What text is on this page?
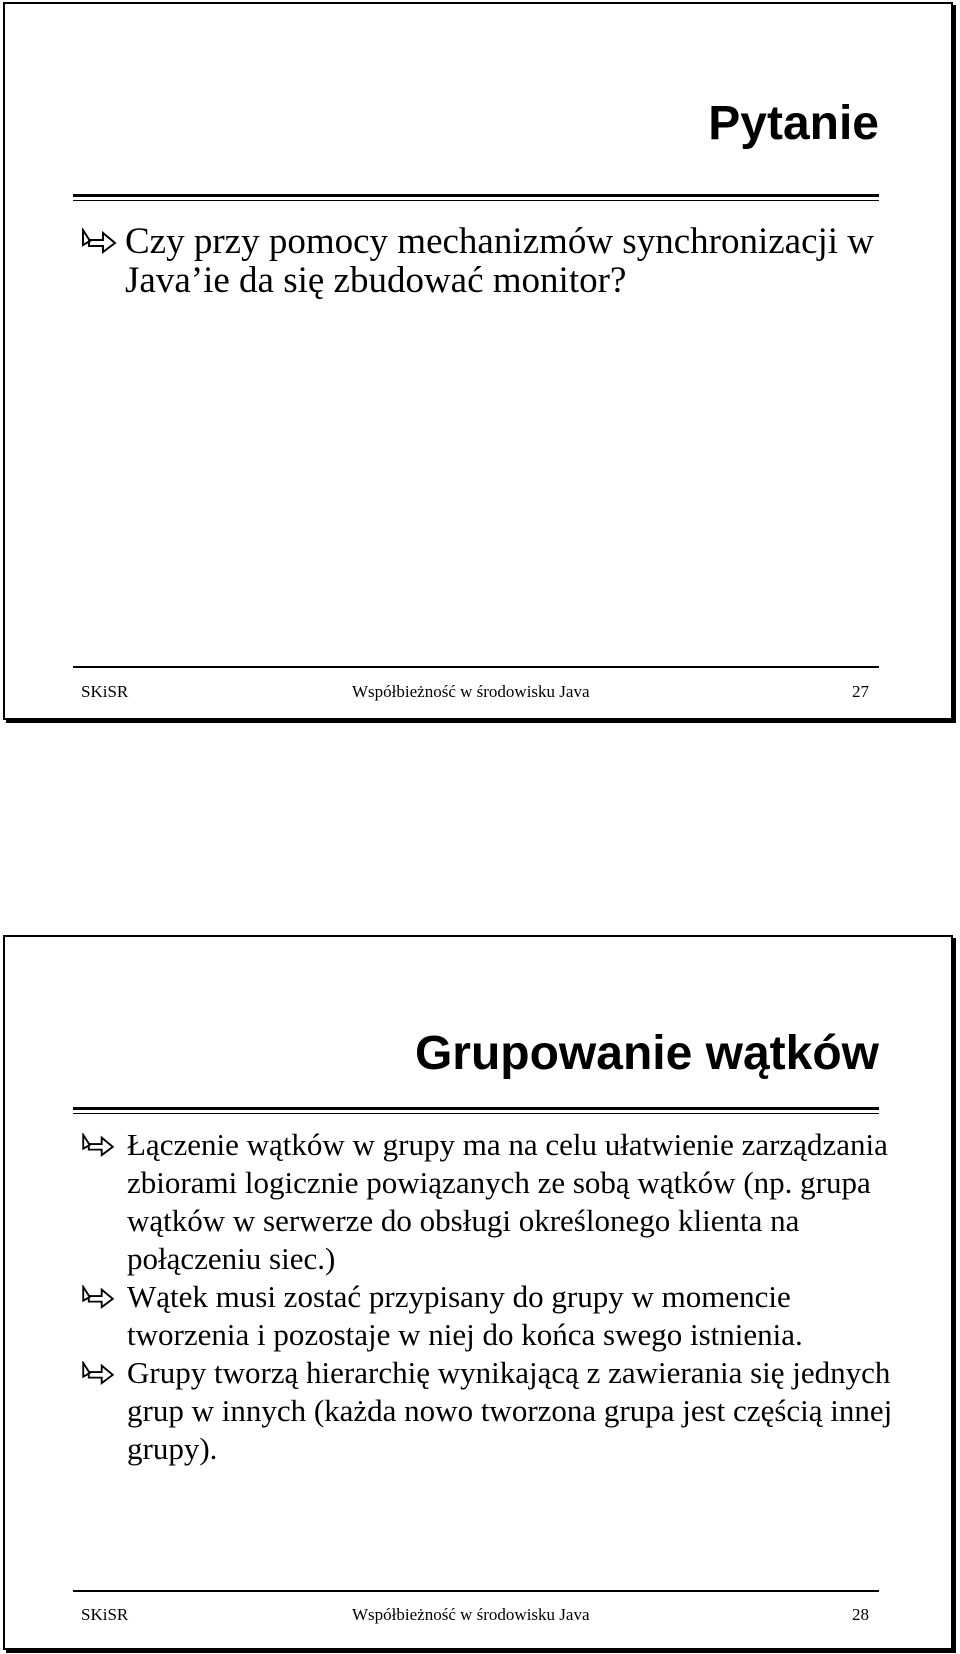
Pytanie
Czy przy pomocy mechanizmów synchronizacji w Java’ie da się zbudować monitor?
SKiSR	Współbieżność w środowisku Java	27
Grupowanie wątków
Łączenie wątków w grupy ma na celu ułatwienie zarządzania zbiorami logicznie powiązanych ze sobą wątków (np. grupa wątków w serwerze do obsługi określonego klienta na połączeniu siec.)
Wątek musi zostać przypisany do grupy w momencie tworzenia i pozostaje w niej do końca swego istnienia.
Grupy tworzą hierarchię wynikającą z zawierania się jednych grup w innych (każda nowo tworzona grupa jest częścią innej grupy).
SKiSR	Współbieżność w środowisku Java	28
